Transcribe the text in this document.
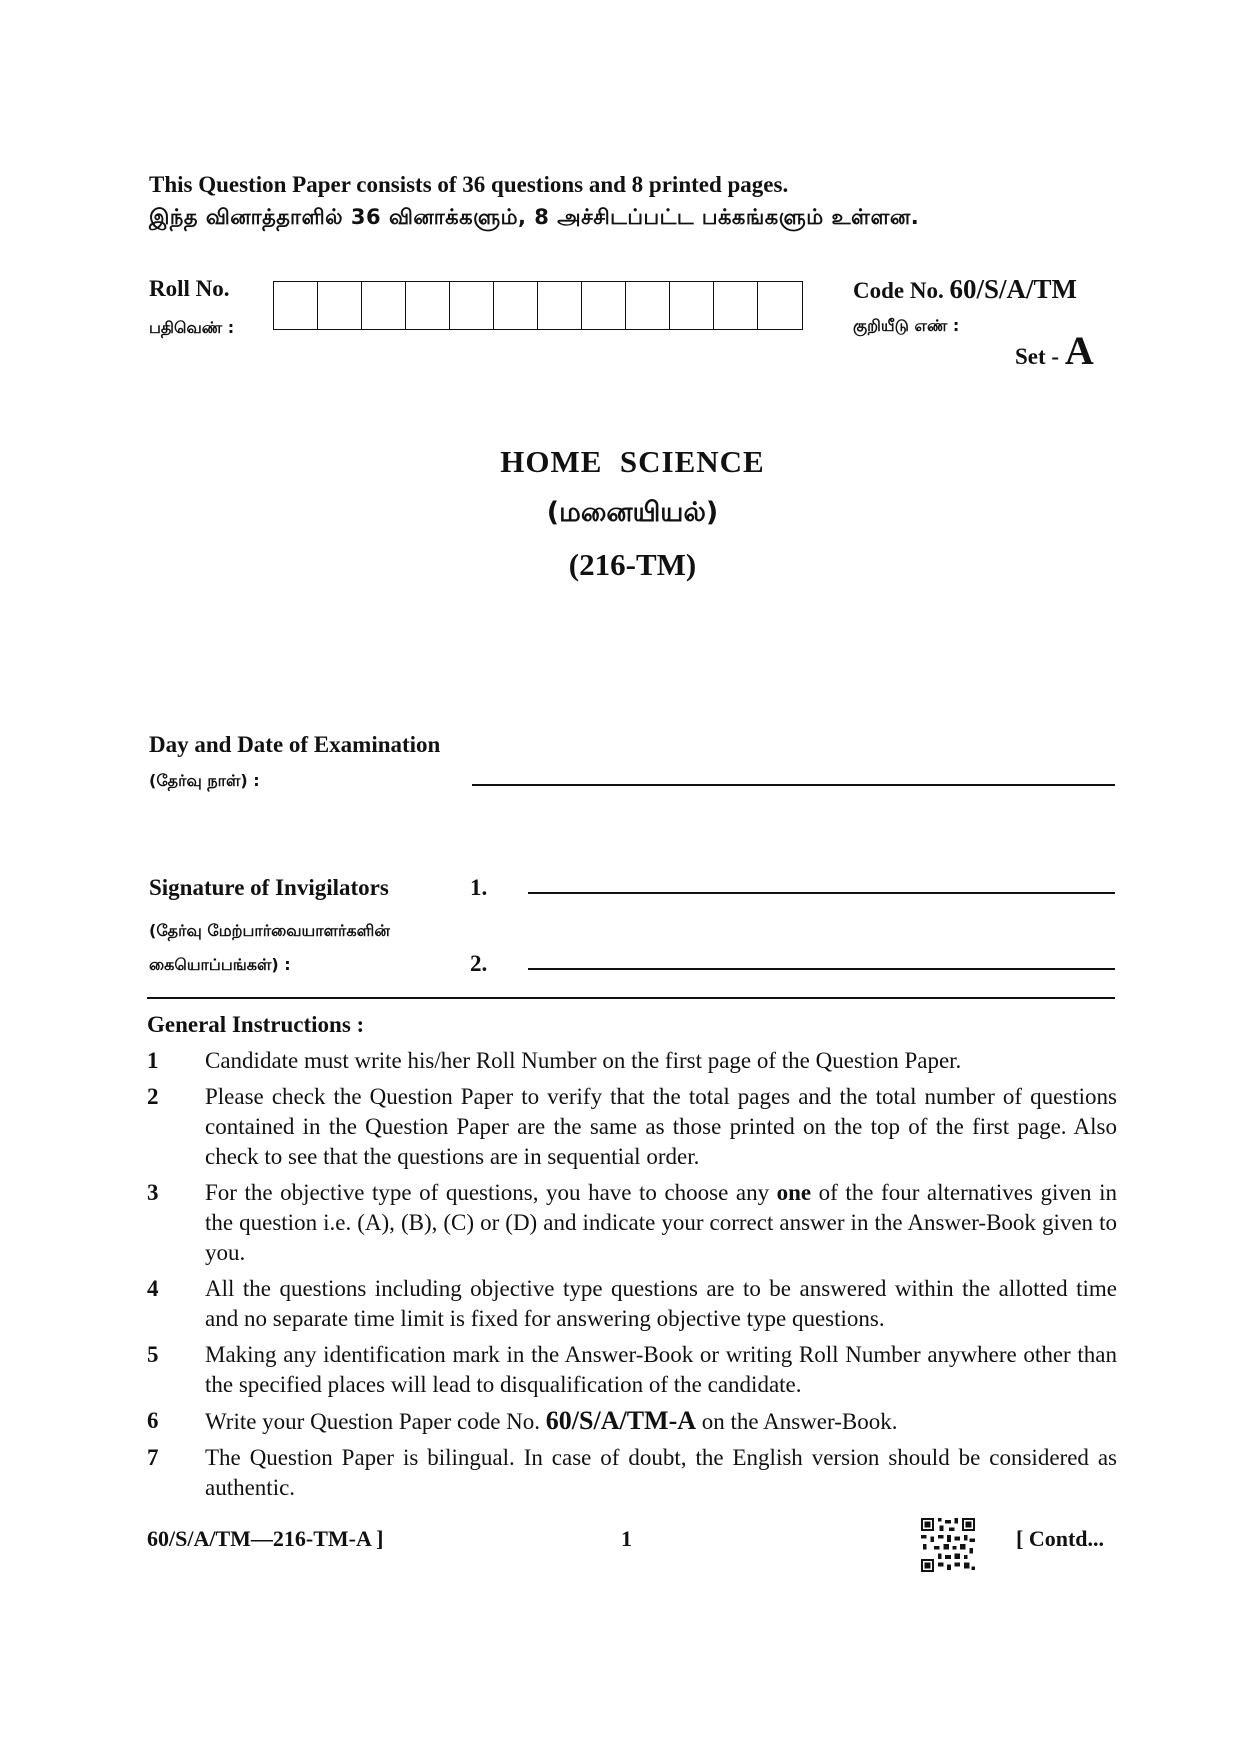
This Question Paper consists of 36 questions and 8 printed pages.
இந்த வினாத்தாளில் 36 வினாக்களும், 8 அச்சிடப்பட்ட பக்கங்களும் உள்ளன.
Roll No.
பதிவெண் :
Code No. 60/S/A/TM
குறியீடு எண் :
Set - A
HOME  SCIENCE
(மனையியல்)
(216-TM)
Day and Date of Examination
(தேர்வு நாள்) :
Signature of Invigilators	1.
(தேர்வு மேற்பார்வையாளர்களின்
கையொப்பங்கள்) :	2.
General Instructions :
1	Candidate must write his/her Roll Number on the first page of the Question Paper.
2	Please check the Question Paper to verify that the total pages and the total number of questions contained in the Question Paper are the same as those printed on the top of the first page. Also check to see that the questions are in sequential order.
3	For the objective type of questions, you have to choose any one of the four alternatives given in the question i.e. (A), (B), (C) or (D) and indicate your correct answer in the Answer-Book given to you.
4	All the questions including objective type questions are to be answered within the allotted time and no separate time limit is fixed for answering objective type questions.
5	Making any identification mark in the Answer-Book or writing Roll Number anywhere other than the specified places will lead to disqualification of the candidate.
6	Write your Question Paper code No. 60/S/A/TM-A on the Answer-Book.
7	The Question Paper is bilingual. In case of doubt, the English version should be considered as authentic.
60/S/A/TM—216-TM-A ]	1	[ Contd...
